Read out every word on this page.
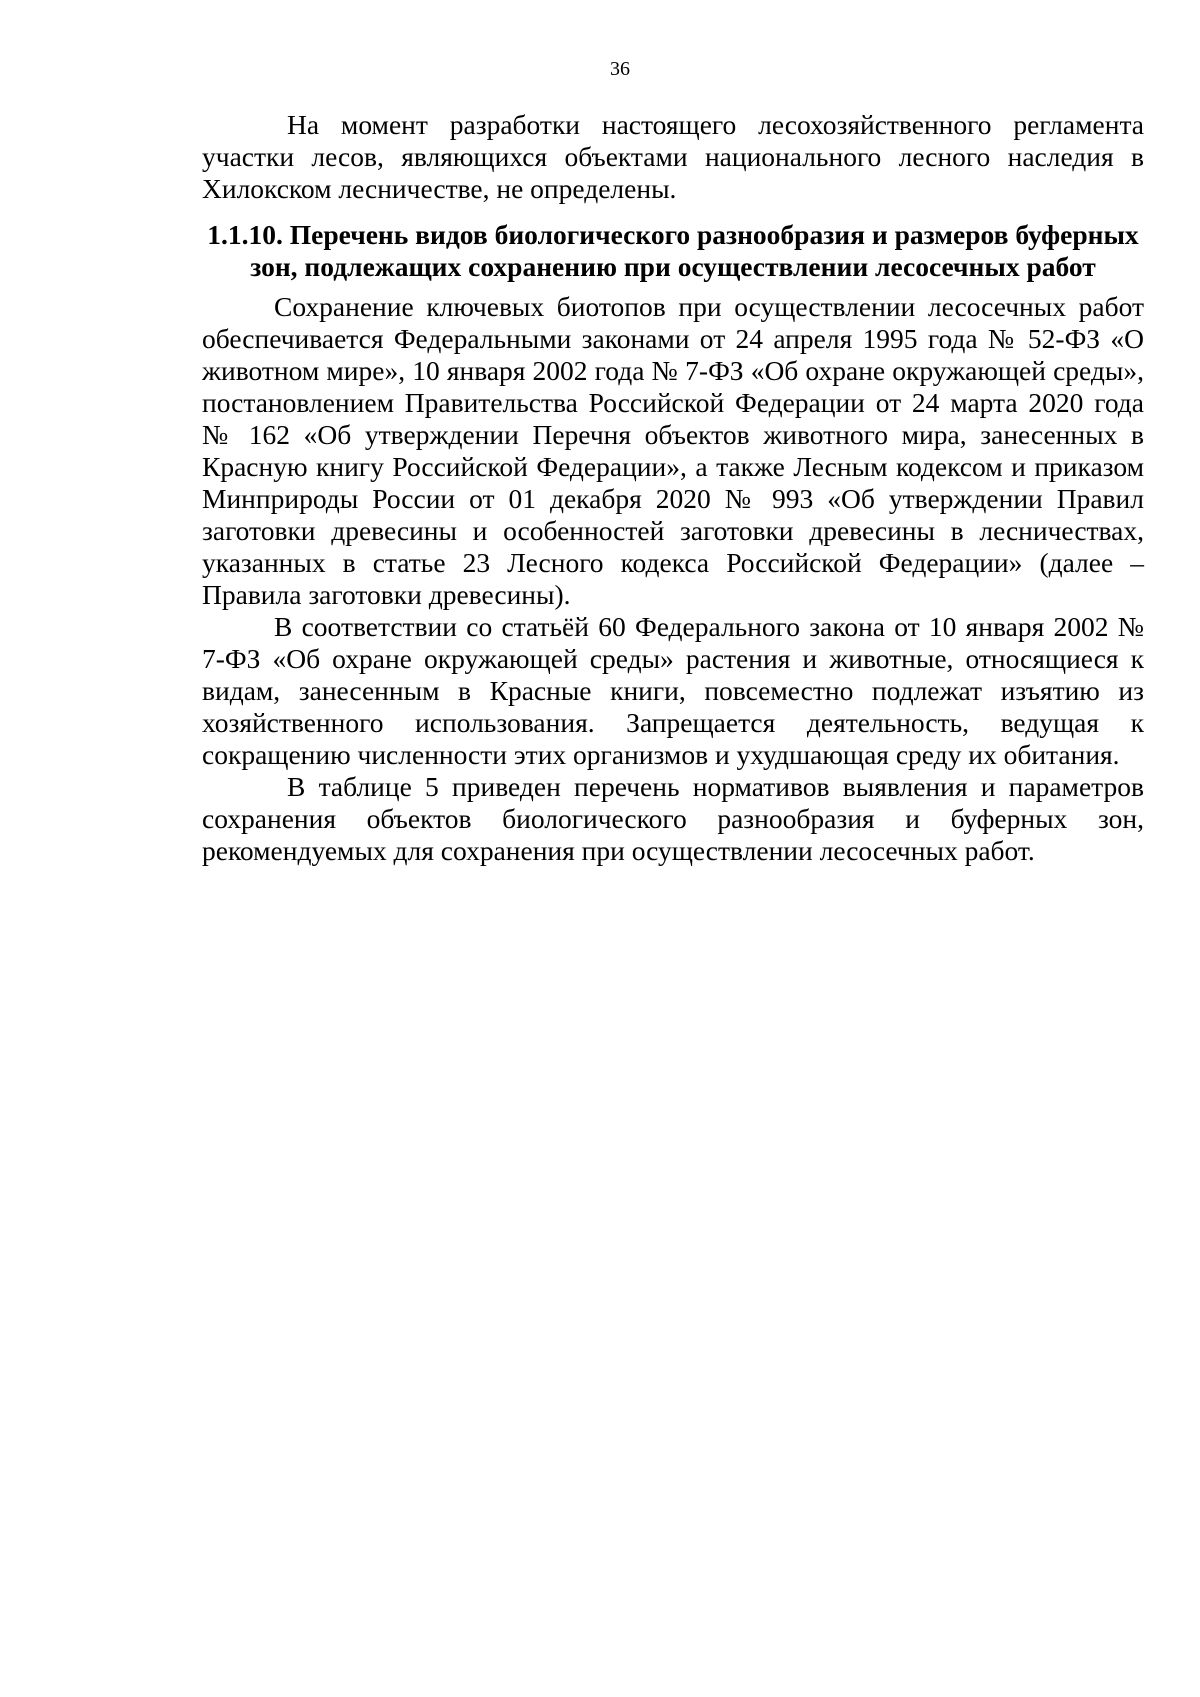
36

На момент разработки настоящего лесохозяйственного регламента участки лесов, являющихся объектами национального лесного наследия в Хилокском лесничестве, не определены.

1.1.10. Перечень видов биологического разнообразия и размеров буферных зон, подлежащих сохранению при осуществлении лесосечных работ

Сохранение ключевых биотопов при осуществлении лесосечных работ обеспечивается Федеральными законами от 24 апреля 1995 года № 52-ФЗ «О животном мире», 10 января 2002 года № 7-ФЗ «Об охране окружающей среды», постановлением Правительства Российской Федерации от 24 марта 2020 года № 162 «Об утверждении Перечня объектов животного мира, занесенных в Красную книгу Российской Федерации», а также Лесным кодексом и приказом Минприроды России от 01 декабря 2020 № 993 «Об утверждении Правил заготовки древесины и особенностей заготовки древесины в лесничествах, указанных в статье 23 Лесного кодекса Российской Федерации» (далее – Правила заготовки древесины).

В соответствии со статьёй 60 Федерального закона от 10 января 2002 № 7-ФЗ «Об охране окружающей среды» растения и животные, относящиеся к видам, занесенным в Красные книги, повсеместно подлежат изъятию из хозяйственного использования. Запрещается деятельность, ведущая к сокращению численности этих организмов и ухудшающая среду их обитания.

В таблице 5 приведен перечень нормативов выявления и параметров сохранения объектов биологического разнообразия и буферных зон, рекомендуемых для сохранения при осуществлении лесосечных работ.
